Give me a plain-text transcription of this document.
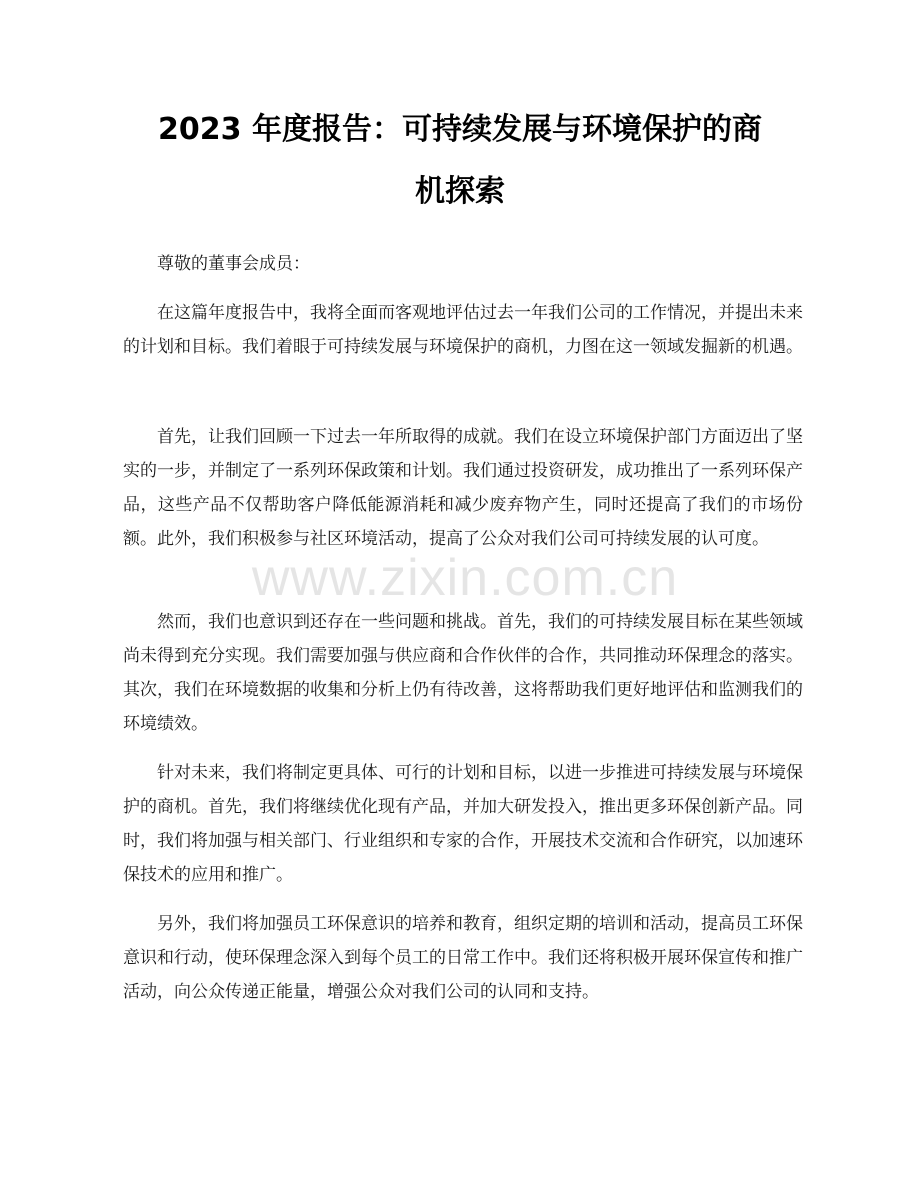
2023 年度报告：可持续发展与环境保护的商
机探索

尊敬的董事会成员：

在这篇年度报告中，我将全面而客观地评估过去一年我们公司的工作情况，并提出未来的计划和目标。我们着眼于可持续发展与环境保护的商机，力图在这一领域发掘新的机遇。

首先，让我们回顾一下过去一年所取得的成就。我们在设立环境保护部门方面迈出了坚实的一步，并制定了一系列环保政策和计划。我们通过投资研发，成功推出了一系列环保产品，这些产品不仅帮助客户降低能源消耗和减少废弃物产生，同时还提高了我们的市场份额。此外，我们积极参与社区环境活动，提高了公众对我们公司可持续发展的认可度。

然而，我们也意识到还存在一些问题和挑战。首先，我们的可持续发展目标在某些领域尚未得到充分实现。我们需要加强与供应商和合作伙伴的合作，共同推动环保理念的落实。其次，我们在环境数据的收集和分析上仍有待改善，这将帮助我们更好地评估和监测我们的环境绩效。

针对未来，我们将制定更具体、可行的计划和目标，以进一步推进可持续发展与环境保护的商机。首先，我们将继续优化现有产品，并加大研发投入，推出更多环保创新产品。同时，我们将加强与相关部门、行业组织和专家的合作，开展技术交流和合作研究，以加速环保技术的应用和推广。

另外，我们将加强员工环保意识的培养和教育，组织定期的培训和活动，提高员工环保意识和行动，使环保理念深入到每个员工的日常工作中。我们还将积极开展环保宣传和推广活动，向公众传递正能量，增强公众对我们公司的认同和支持。

www.zixin.com.cn
